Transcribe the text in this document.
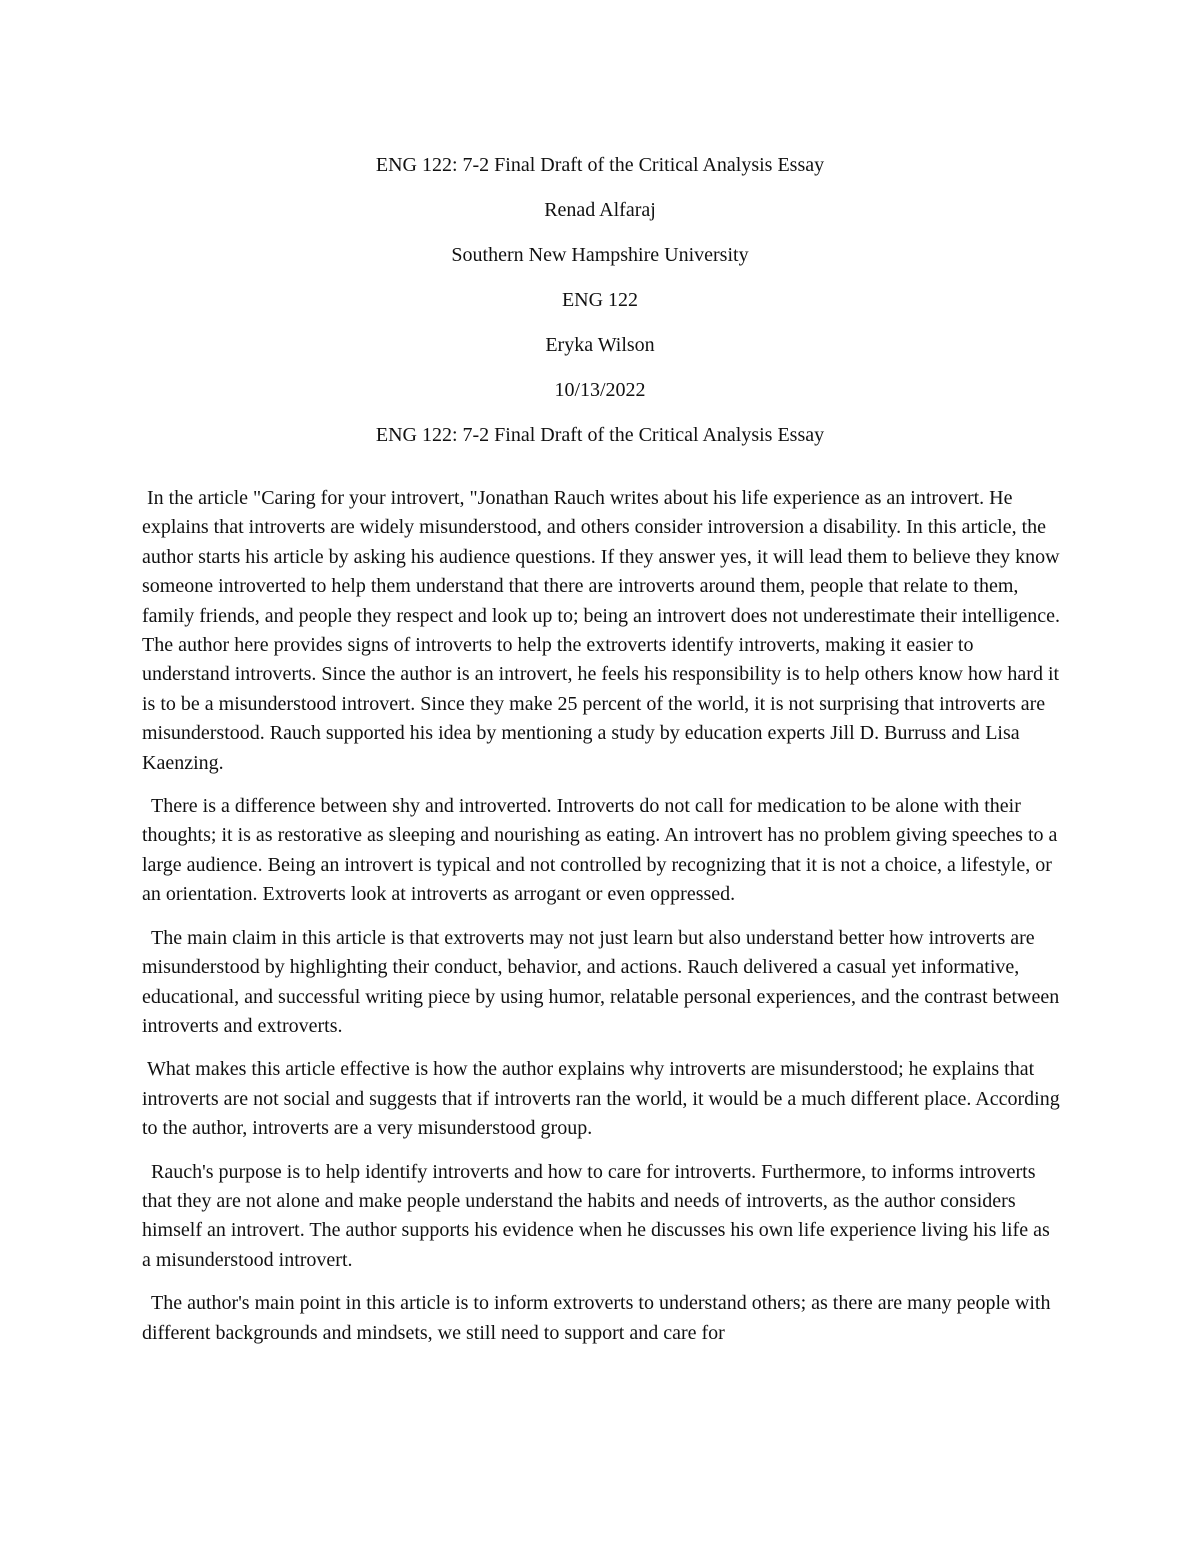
ENG 122: 7-2 Final Draft of the Critical Analysis Essay

Renad Alfaraj

Southern New Hampshire University

ENG 122

Eryka Wilson

10/13/2022

ENG 122: 7-2 Final Draft of the Critical Analysis Essay

In the article "Caring for your introvert, "Jonathan Rauch writes about his life experience as an introvert. He explains that introverts are widely misunderstood, and others consider introversion a disability. In this article, the author starts his article by asking his audience questions. If they answer yes, it will lead them to believe they know someone introverted to help them understand that there are introverts around them, people that relate to them, family friends, and people they respect and look up to; being an introvert does not underestimate their intelligence. The author here provides signs of introverts to help the extroverts identify introverts, making it easier to understand introverts. Since the author is an introvert, he feels his responsibility is to help others know how hard it is to be a misunderstood introvert. Since they make 25 percent of the world, it is not surprising that introverts are misunderstood. Rauch supported his idea by mentioning a study by education experts Jill D. Burruss and Lisa Kaenzing.

There is a difference between shy and introverted. Introverts do not call for medication to be alone with their thoughts; it is as restorative as sleeping and nourishing as eating. An introvert has no problem giving speeches to a large audience. Being an introvert is typical and not controlled by recognizing that it is not a choice, a lifestyle, or an orientation. Extroverts look at introverts as arrogant or even oppressed.

The main claim in this article is that extroverts may not just learn but also understand better how introverts are misunderstood by highlighting their conduct, behavior, and actions. Rauch delivered a casual yet informative, educational, and successful writing piece by using humor, relatable personal experiences, and the contrast between introverts and extroverts.

What makes this article effective is how the author explains why introverts are misunderstood; he explains that introverts are not social and suggests that if introverts ran the world, it would be a much different place. According to the author, introverts are a very misunderstood group.

Rauch's purpose is to help identify introverts and how to care for introverts. Furthermore, to informs introverts that they are not alone and make people understand the habits and needs of introverts, as the author considers himself an introvert. The author supports his evidence when he discusses his own life experience living his life as a misunderstood introvert.

The author's main point in this article is to inform extroverts to understand others; as there are many people with different backgrounds and mindsets, we still need to support and care for
